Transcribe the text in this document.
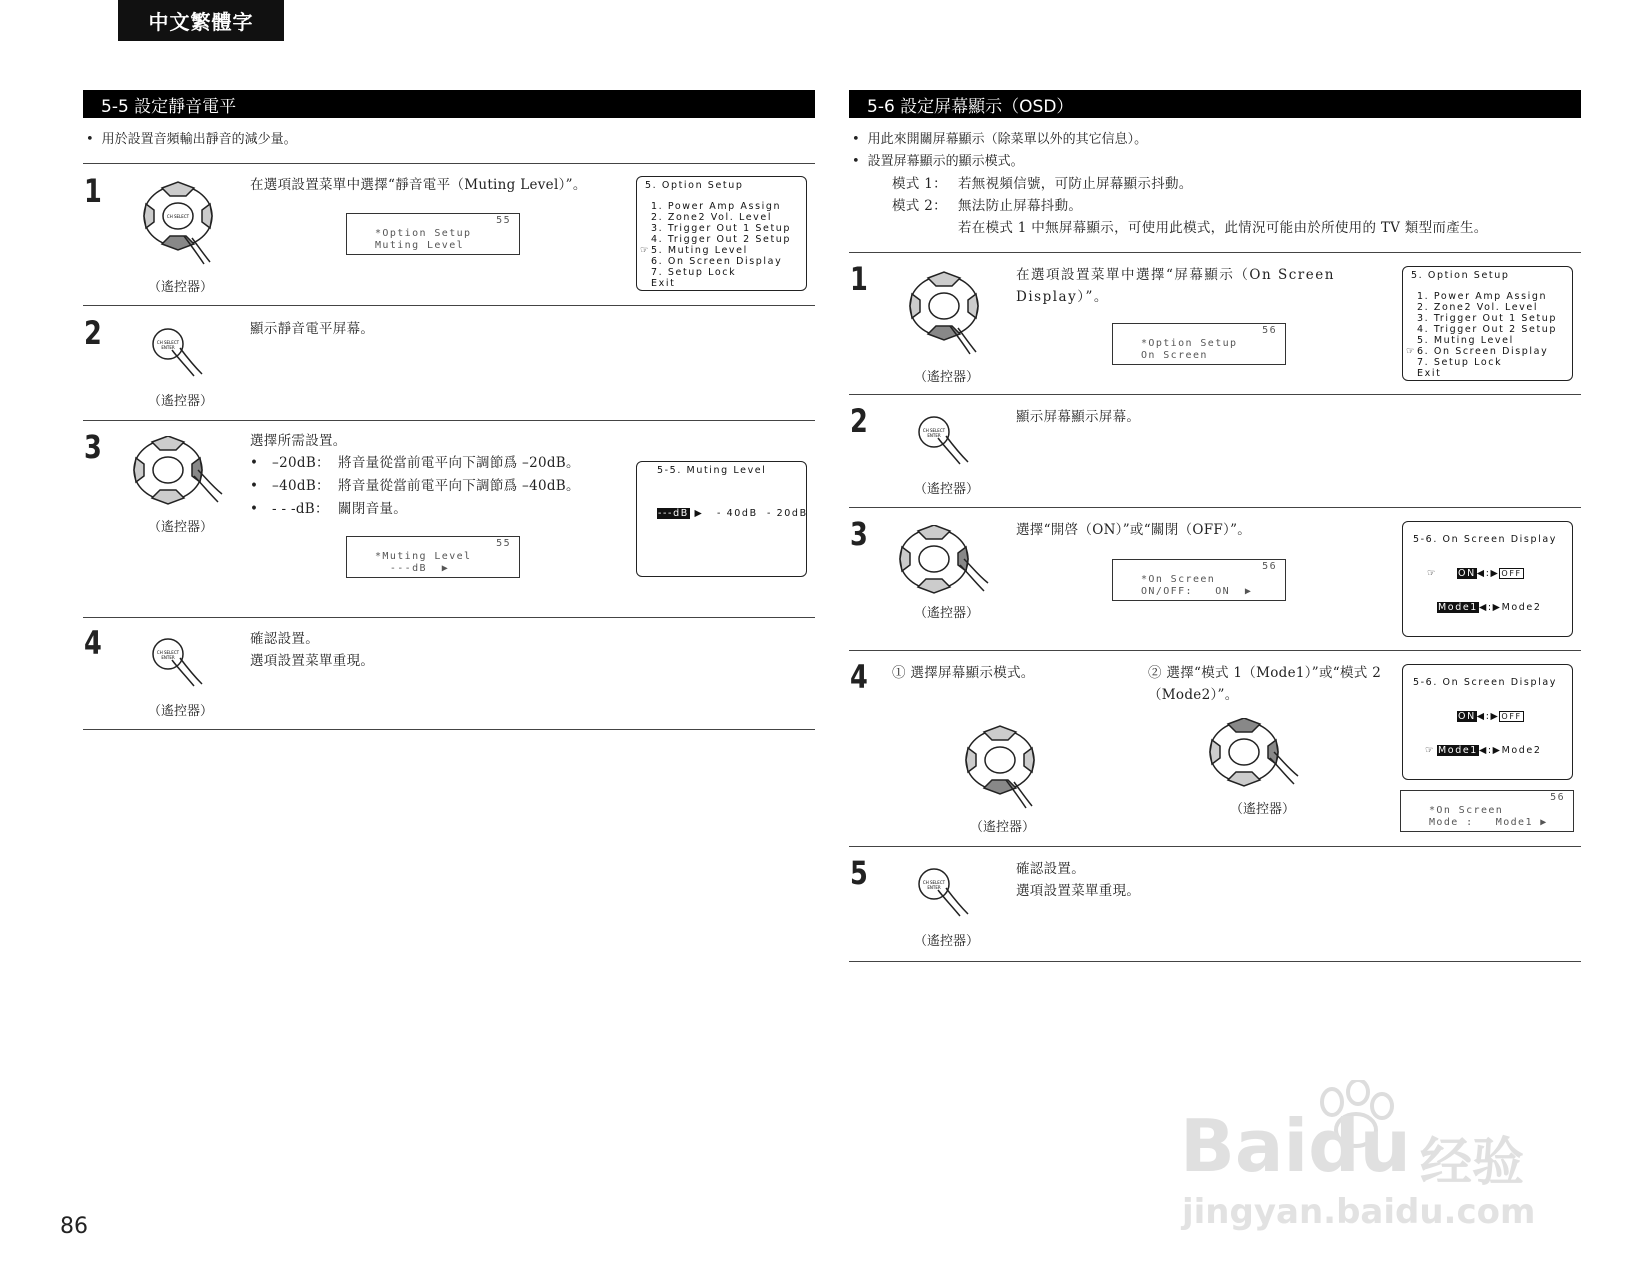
中文繁體字
5-5 設定靜音電平
• 用於設置音頻輸出靜音的減少量。
1
CH SELECT
（遙控器）
在選項設置菜單中選擇“靜音電平（Muting Level）”。
55
*Option Setup
Muting Level
5. Option Setup
1. Power Amp Assign
2. Zone2 Vol. Level
3. Trigger Out 1 Setup
4. Trigger Out 2 Setup
☞ 5. Muting Level
6. On Screen Display
7. Setup Lock
Exit
2	CH SELECT
ENTER
（遙控器）
顯示靜音電平屏幕。
3
（遙控器）
選擇所需設置。
•   –20dB： 將音量從當前電平向下調節爲 –20dB。
•   –40dB： 將音量從當前電平向下調節爲 –40dB。
•   - - -dB： 關閉音量。
55
*Muting Level
---dB  ▶
5-5. Muting Level
---dB ▶ - 40dB - 20dB
4	CH SELECT
ENTER
（遙控器）
確認設置。
選項設置菜單重現。
5-6 設定屏幕顯示（OSD）
• 用此來開關屏幕顯示（除菜單以外的其它信息）。
• 設置屏幕顯示的顯示模式。
模式 1： 若無視頻信號，可防止屏幕顯示抖動。
模式 2： 無法防止屏幕抖動。
若在模式 1 中無屏幕顯示，可使用此模式，此情況可能由於所使用的 TV 類型而產生。
1
（遙控器）
在選項設置菜單中選擇“屏幕顯示（On Screen Display）”。
56
*Option Setup
On Screen
5. Option Setup
1. Power Amp Assign
2. Zone2 Vol. Level
3. Trigger Out 1 Setup
4. Trigger Out 2 Setup
5. Muting Level
☞ 6. On Screen Display
7. Setup Lock
Exit
2	CH SELECT
ENTER
（遙控器）
顯示屏幕顯示屏幕。
3
（遙控器）
選擇“開啓（ON）”或“關閉（OFF）”。
56
*On Screen
ON/OFF:   ON  ▶
5-6. On Screen Display
☞ ON◀:▶ OFF
Mode1◀:▶Mode2
4 ① 選擇屏幕顯示模式。	② 選擇“模式 1（Mode1）”或“模式 2（Mode2）”。
（遙控器）
（遙控器）
5-6. On Screen Display
ON◀:▶ OFF
☞ Mode1◀:▶Mode2
56
*On Screen
Mode :   Mode1 ▶
5	CH SELECT
ENTER
（遙控器）
確認設置。
選項設置菜單重現。
86
Baidu 经验
jingyan.baidu.com
